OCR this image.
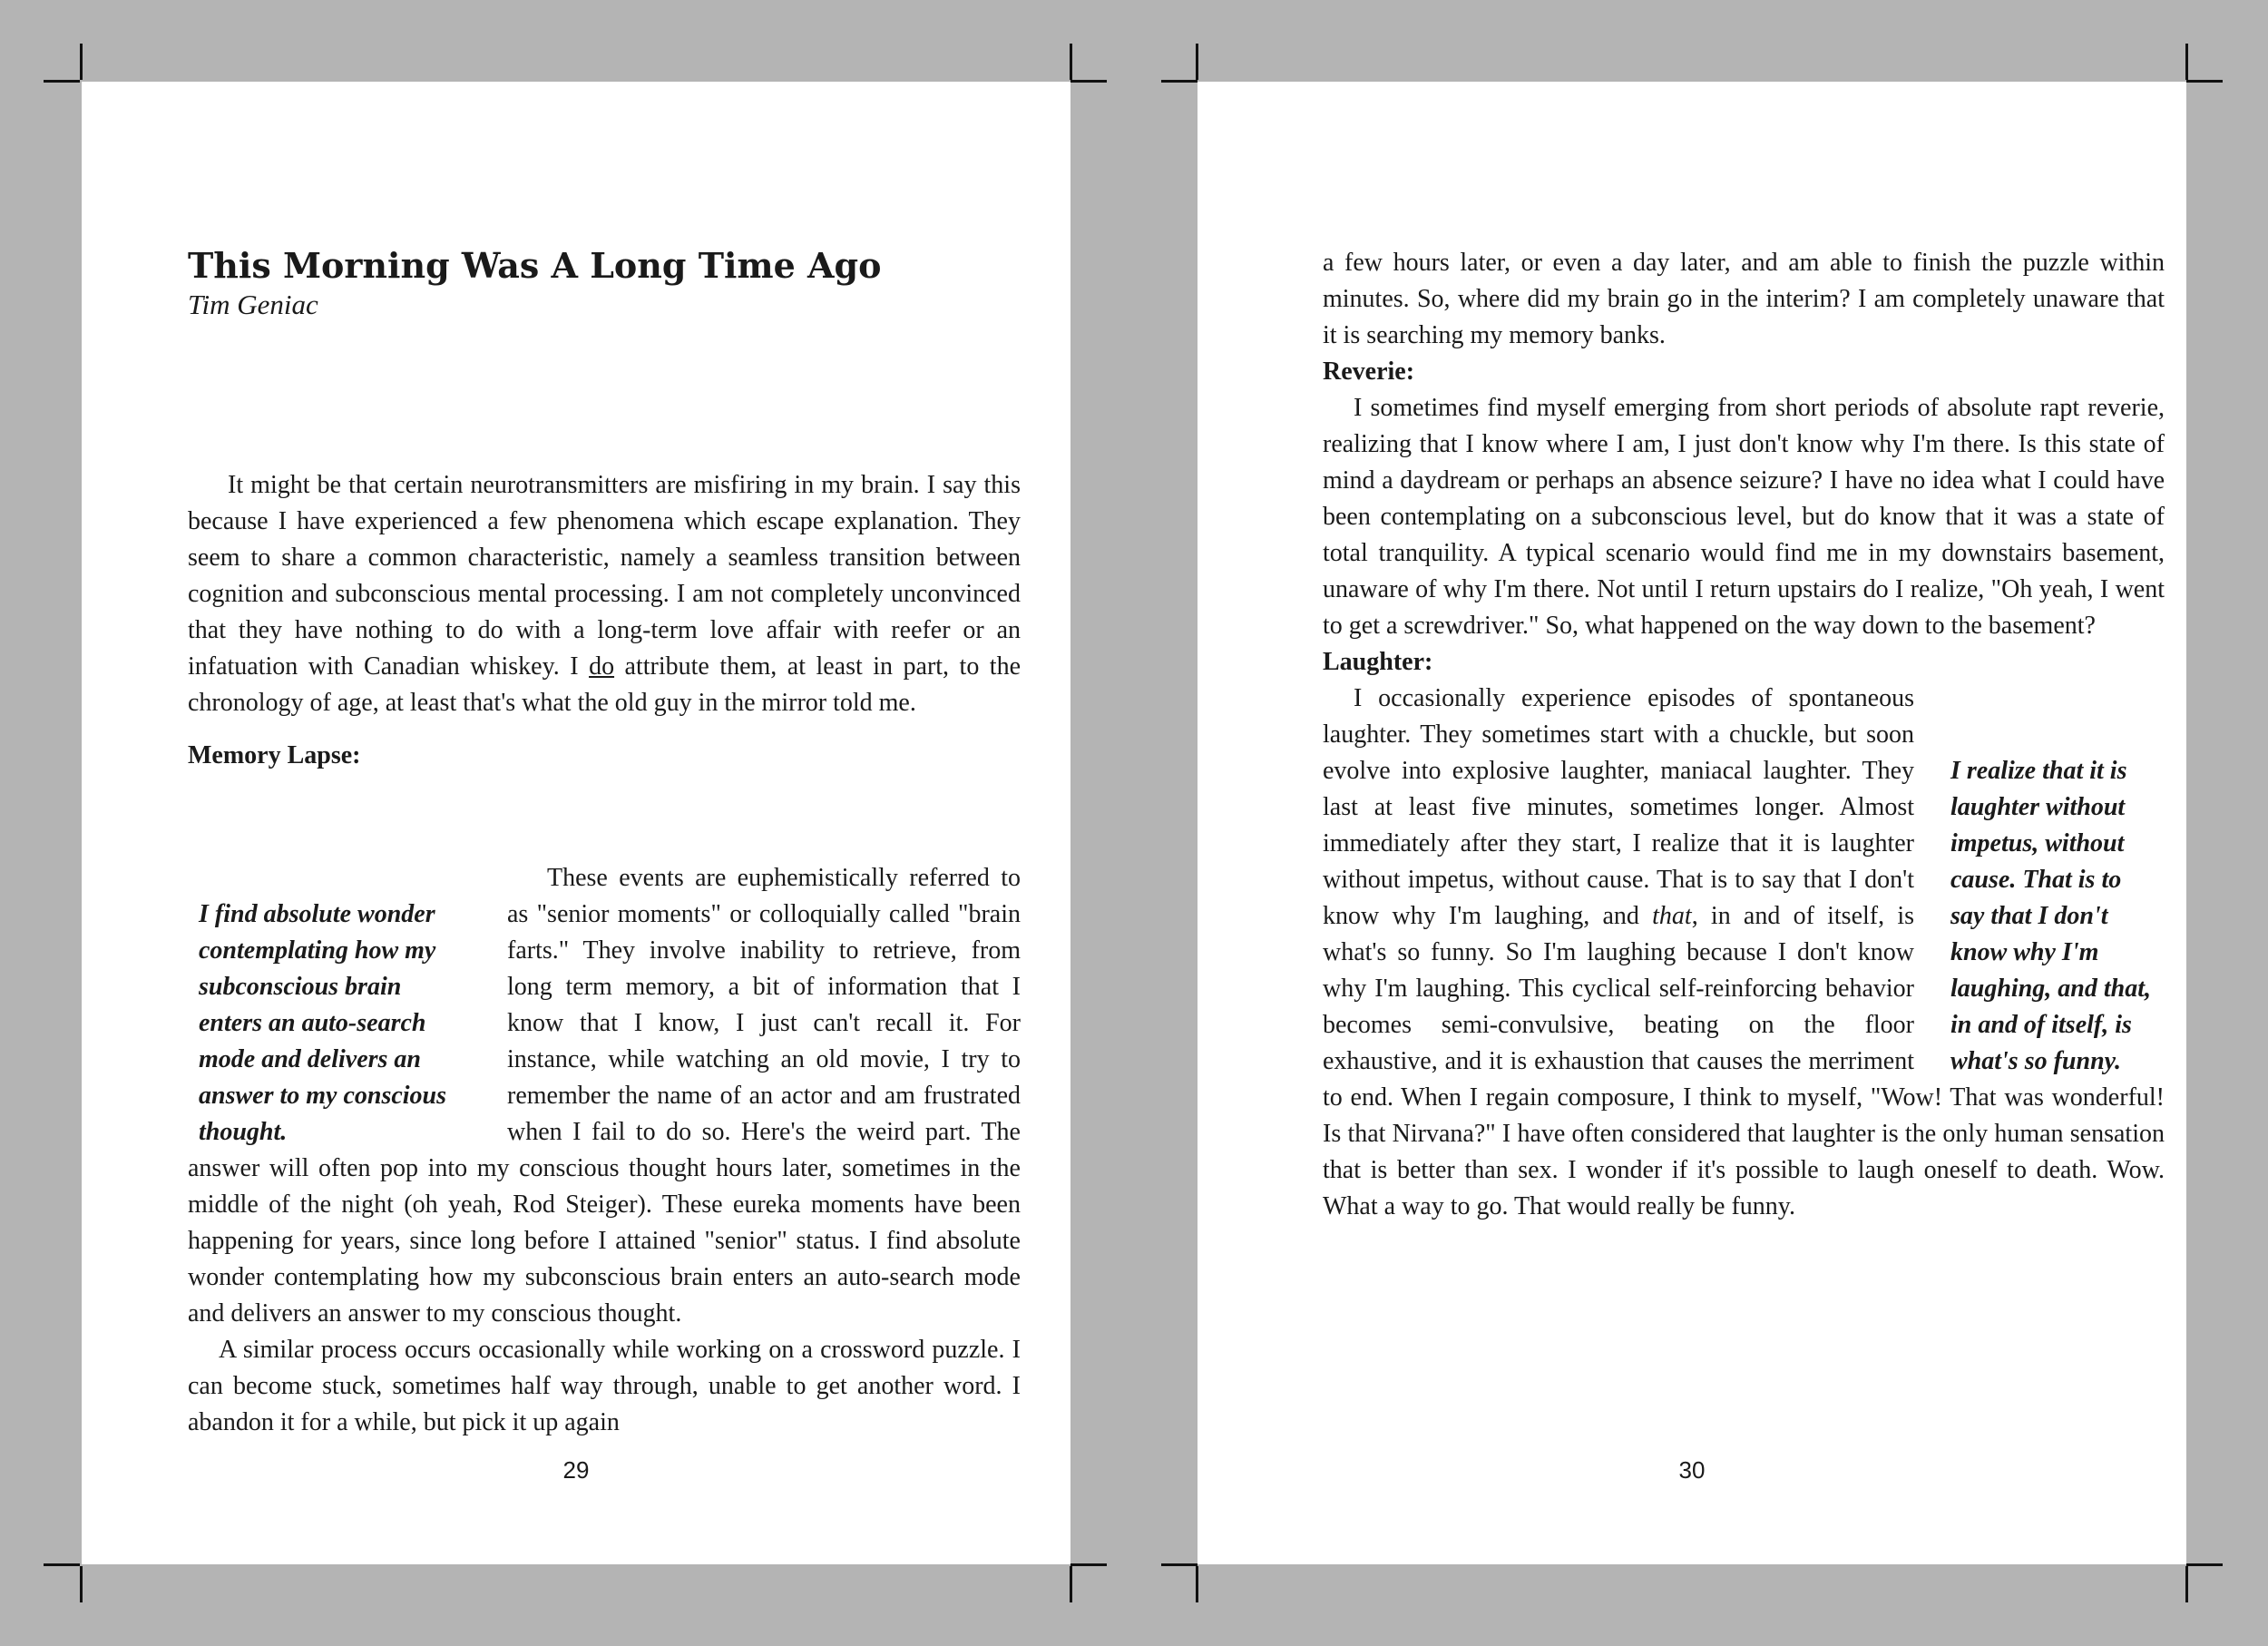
This Morning Was A Long Time Ago
Tim Geniac

It might be that certain neurotransmitters are misfiring in my brain. I say this because I have experienced a few phenomena which escape explanation. They seem to share a common characteristic, namely a seamless transition between cognition and subconscious mental processing. I am not completely unconvinced that they have nothing to do with a long-term love affair with reefer or an infatuation with Canadian whiskey. I do attribute them, at least in part, to the chronology of age, at least that's what the old guy in the mirror told me.

Memory Lapse:

I find absolute wonder contemplating how my subconscious brain enters an auto-search mode and delivers an answer to my conscious thought.

These events are euphemistically referred to as "senior moments" or colloquially called "brain farts." They involve inability to retrieve, from long term memory, a bit of information that I know that I know, I just can't recall it. For instance, while watching an old movie, I try to remember the name of an actor and am frustrated when I fail to do so. Here's the weird part. The answer will often pop into my conscious thought hours later, sometimes in the middle of the night (oh yeah, Rod Steiger). These eureka moments have been happening for years, since long before I attained "senior" status. I find absolute wonder contemplating how my subconscious brain enters an auto-search mode and delivers an answer to my conscious thought.

A similar process occurs occasionally while working on a crossword puzzle. I can become stuck, sometimes half way through, unable to get another word. I abandon it for a while, but pick it up again

29

a few hours later, or even a day later, and am able to finish the puzzle within minutes. So, where did my brain go in the interim? I am completely unaware that it is searching my memory banks.

Reverie:

I sometimes find myself emerging from short periods of absolute rapt reverie, realizing that I know where I am, I just don't know why I'm there. Is this state of mind a daydream or perhaps an absence seizure? I have no idea what I could have been contemplating on a subconscious level, but do know that it was a state of total tranquility. A typical scenario would find me in my downstairs basement, unaware of why I'm there. Not until I return upstairs do I realize, "Oh yeah, I went to get a screwdriver." So, what happened on the way down to the basement?

Laughter:

I realize that it is laughter without impetus, without cause. That is to say that I don't know why I'm laughing, and that, in and of itself, is what's so funny.

I occasionally experience episodes of spontaneous laughter. They sometimes start with a chuckle, but soon evolve into explosive laughter, maniacal laughter. They last at least five minutes, sometimes longer. Almost immediately after they start, I realize that it is laughter without impetus, without cause. That is to say that I don't know why I'm laughing, and that, in and of itself, is what's so funny. So I'm laughing because I don't know why I'm laughing. This cyclical self-reinforcing behavior becomes semi-convulsive, beating on the floor exhaustive, and it is exhaustion that causes the merriment to end. When I regain composure, I think to myself, "Wow! That was wonderful! Is that Nirvana?" I have often considered that laughter is the only human sensation that is better than sex. I wonder if it's possible to laugh oneself to death. Wow. What a way to go. That would really be funny.

30
